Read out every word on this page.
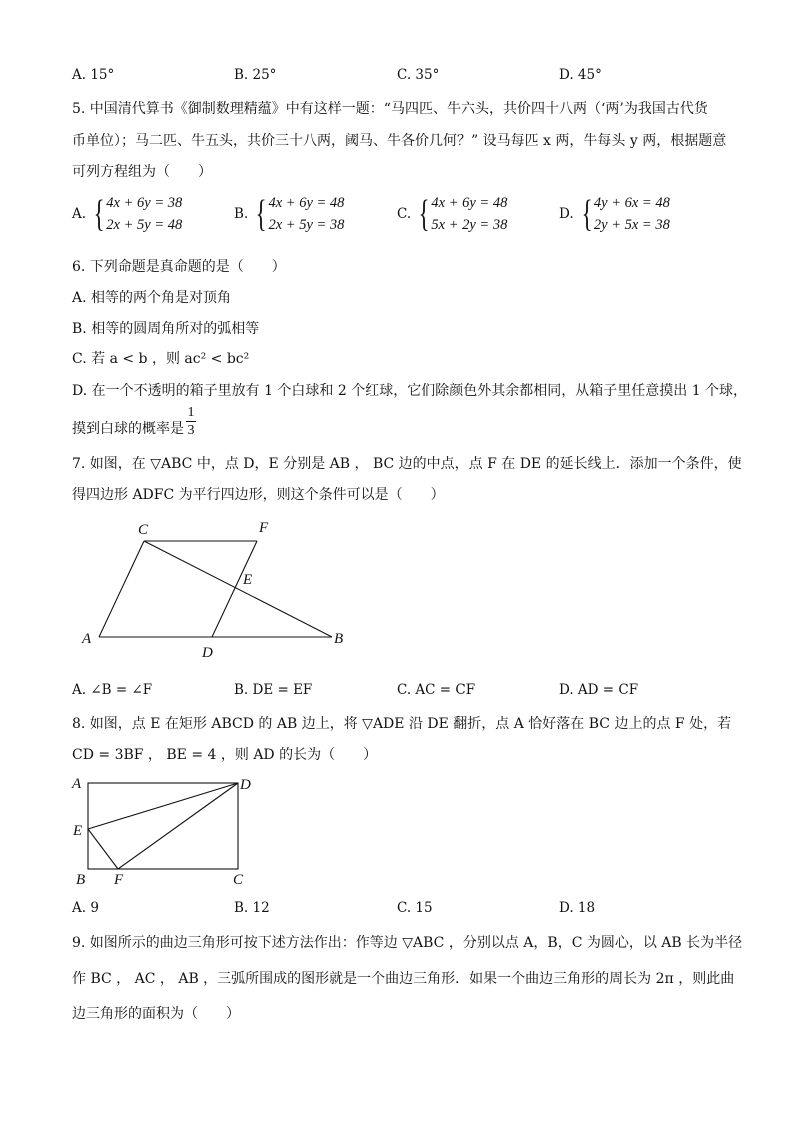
A. 15°	B. 25°	C. 35°	D. 45°
5. 中国清代算书《御制数理精蕴》中有这样一题：“马四匹、牛六头，共价四十八两（‘两’为我国古代货
币单位）；马二匹、牛五头，共价三十八两，阈马、牛各价几何？” 设马每匹 x 两，牛每头 y 两，根据题意
可列方程组为（　　）
A. { 4x + 6y = 38
2x + 5y = 48
B. { 4x + 6y = 48
2x + 5y = 38
C. { 4x + 6y = 48
5x + 2y = 38
D. { 4y + 6x = 48
2y + 5x = 38
6. 下列命题是真命题的是（　　）
A. 相等的两个角是对顶角
B. 相等的圆周角所对的弧相等
C. 若 a < b ，则 ac² < bc²
D. 在一个不透明的箱子里放有 1 个白球和 2 个红球，它们除颜色外其余都相同，从箱子里任意摸出 1 个球，
摸到白球的概率是
1
3
7. 如图，在 ▽ABC 中，点 D，E 分别是 AB ， BC 边的中点，点 F 在 DE 的延长线上．添加一个条件，使
得四边形 ADFC 为平行四边形，则这个条件可以是（　　）
C	F
E
A	B
D
A	D
E
B F	C
A. ∠B = ∠F	B. DE = EF	C. AC = CF	D. AD = CF
8. 如图，点 E 在矩形 ABCD 的 AB 边上，将 ▽ADE 沿 DE 翻折，点 A 恰好落在 BC 边上的点 F 处，若
CD = 3BF ， BE = 4 ，则 AD 的长为（　　）
A. 9	B. 12	C. 15	D. 18
9. 如图所示的曲边三角形可按下述方法作出：作等边 ▽ABC ，分别以点 A，B，C 为圆心，以 AB 长为半径
作 BC ， AC ， AB ，三弧所围成的图形就是一个曲边三角形．如果一个曲边三角形的周长为 2π ，则此曲
边三角形的面积为（　　）
